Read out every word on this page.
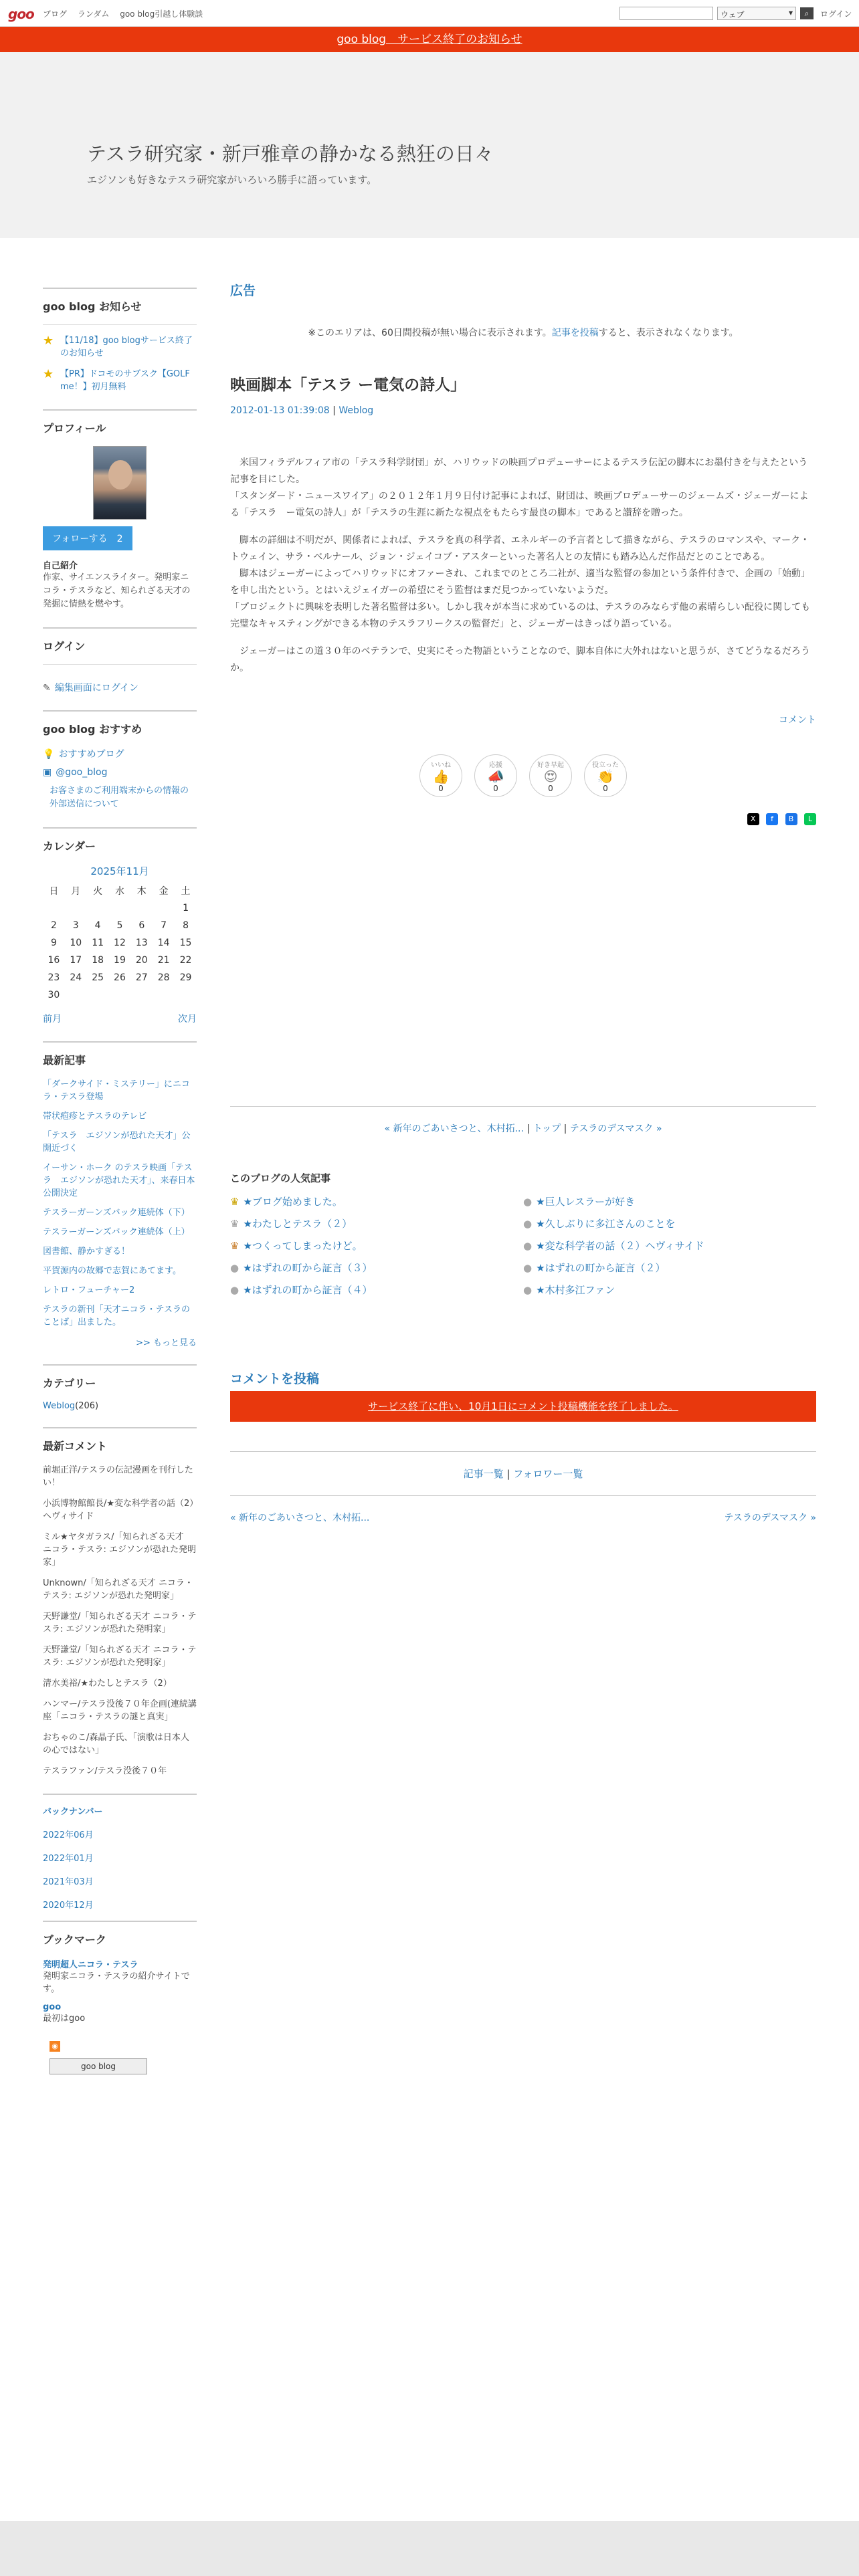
goo ブログ ランダム goo blog引越し体験談	ウェブ ▾	⌕	ログイン
goo blog　サービス終了のお知らせ
テスラ研究家・新戸雅章の静かなる熱狂の日々
エジソンも好きなテスラ研究家がいろいろ勝手に語っています。
goo blog お知らせ
★ 【11/18】goo blogサービス終了のお知らせ
★ 【PR】ドコモのサブスク【GOLF me！】初月無料
プロフィール
フォローする 2
自己紹介
作家、サイエンスライター。発明家ニコラ・テスラなど、知られざる天才の発掘に情熱を燃やす。
ログイン
✎ 編集画面にログイン
goo blog おすすめ
💡 おすすめブログ
▣ @goo_blog
お客さまのご利用端末からの情報の外部送信について
カレンダー
2025年11月
日	月	火	水	木	金	土
						1
2	3	4	5	6	7	8
9	10	11	12	13	14	15
16	17	18	19	20	21	22
23	24	25	26	27	28	29
30						
前月	次月
最新記事
「ダークサイド・ミステリー」にニコラ・テスラ登場
帯状疱疹とテスラのテレビ
「テスラ　エジソンが恐れた天才」公開近づく
イーサン・ホーク のテスラ映画「テスラ　エジソンが恐れた天才」、来春日本公開決定
テスラーガーンズバック連続体（下）
テスラーガーンズバック連続体（上）
図書館、静かすぎる！
平賀源内の故郷で志賀にあてます。
レトロ・フューチャー2
テスラの新刊「天才ニコラ・テスラのことば」出ました。
>> もっと見る
カテゴリー
Weblog(206)
最新コメント
前堀正洋/テスラの伝記漫画を刊行したい！
小浜博物館館長/★変な科学者の話（2）ヘヴィサイド
ミル★ヤタガラス/「知られざる天才　ニコラ・テスラ: エジソンが恐れた発明家」
Unknown/「知られざる天才 ニコラ・テスラ: エジソンが恐れた発明家」
天野謙堂/「知られざる天才 ニコラ・テスラ: エジソンが恐れた発明家」
天野謙堂/「知られざる天才 ニコラ・テスラ: エジソンが恐れた発明家」
清水美裕/★わたしとテスラ（2）
ハンマー/テスラ没後７０年企画(連続講座「ニコラ・テスラの謎と真実」
おちゃのこ/森晶子氏、「演歌は日本人の心ではない」
テスラファン/テスラ没後７０年
バックナンバー
2022年06月
2022年01月
2021年03月
2020年12月
ブックマーク
発明超人ニコラ・テスラ
発明家ニコラ・テスラの紹介サイトです。
goo
最初はgoo
◉
goo blog
広告
※このエリアは、60日間投稿が無い場合に表示されます。記事を投稿すると、表示されなくなります。
映画脚本「テスラ ー電気の詩人」
2012-01-13 01:39:08 | Weblog

　米国フィラデルフィア市の「テスラ科学財団」が、ハリウッドの映画プロデューサーによるテスラ伝記の脚本にお墨付きを与えたという記事を目にした。
「スタンダード・ニュースワイア」の２０１２年１月９日付け記事によれば、財団は、映画プロデューサーのジェームズ・ジェーガーによる「テスラ　ー電気の詩人」が「テスラの生涯に新たな視点をもたらす最良の脚本」であると讃辞を贈った。

　脚本の詳細は不明だが、関係者によれば、テスラを真の科学者、エネルギーの予言者として描きながら、テスラのロマンスや、マーク・トウェイン、サラ・ベルナール、ジョン・ジェイコブ・アスターといった著名人との友情にも踏み込んだ作品だとのことである。
　脚本はジェーガーによってハリウッドにオファーされ、これまでのところ二社が、適当な監督の参加という条件付きで、企画の「始動」を申し出たという。とはいえジェイガーの希望にそう監督はまだ見つかっていないようだ。
「プロジェクトに興味を表明した著名監督は多い。しかし我々が本当に求めているのは、テスラのみならず他の素晴らしい配役に関しても完璧なキャスティングができる本物のテスラフリークスの監督だ」と、ジェーガーはきっぱり語っている。

　ジェーガーはこの道３０年のベテランで、史実にそった物語ということなので、脚本自体に大外れはないと思うが、さてどうなるだろうか。

コメント
いいね
👍
0
応援
📣
0
好き早起
😍
0
役立った
👏
0
X f B L
« 新年のごあいさつと、木村拓... | トップ | テスラのデスマスク »
このブログの人気記事
♛ ★ブログ始めました。	● ★巨人レスラーが好き
♛ ★わたしとテスラ（２）	● ★久しぶりに多江さんのことを
♛ ★つくってしまったけど。	● ★変な科学者の話（２）ヘヴィサイド
● ★はずれの町から証言（３）	● ★はずれの町から証言（２）
● ★はずれの町から証言（４）	● ★木村多江ファン
コメントを投稿
サービス終了に伴い、10月1日にコメント投稿機能を終了しました。
記事一覧 | フォロワー一覧
« 新年のごあいさつと、木村拓...	テスラのデスマスク »
